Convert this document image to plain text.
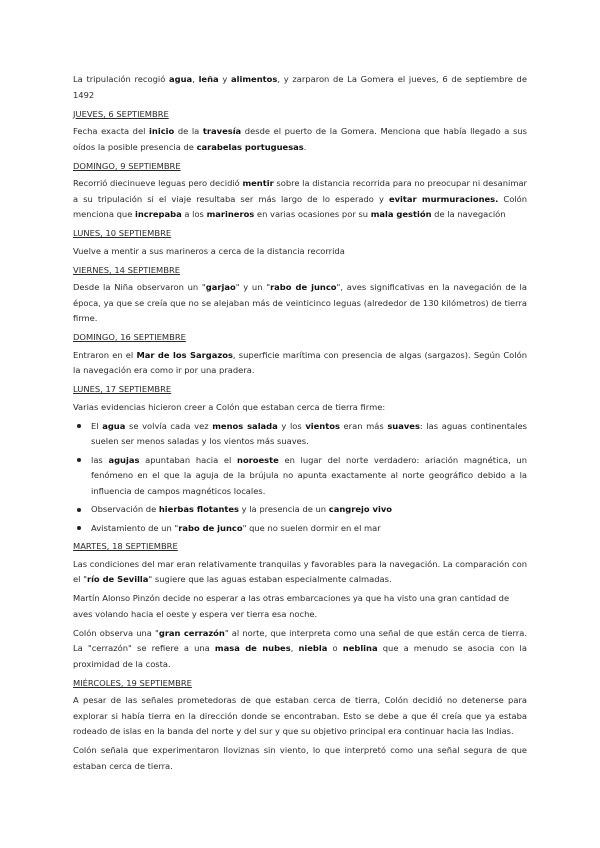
La tripulación recogió agua, leña y alimentos, y zarparon de La Gomera el jueves, 6 de septiembre de 1492

JUEVES, 6 SEPTIEMBRE

Fecha exacta del inicio de la travesía desde el puerto de la Gomera. Menciona que había llegado a sus oídos la posible presencia de carabelas portuguesas.

DOMINGO, 9 SEPTIEMBRE

Recorrió diecinueve leguas pero decidió mentir sobre la distancia recorrida para no preocupar ni desanimar a su tripulación si el viaje resultaba ser más largo de lo esperado y evitar murmuraciones. Colón menciona que increpaba a los marineros en varias ocasiones por su mala gestión de la navegación

LUNES, 10 SEPTIEMBRE

Vuelve a mentir a sus marineros a cerca de la distancia recorrida

VIERNES, 14 SEPTIEMBRE

Desde la Niña observaron un "garjao" y un "rabo de junco", aves significativas en la navegación de la época, ya que se creía que no se alejaban más de veinticinco leguas (alrededor de 130 kilómetros) de tierra firme.

DOMINGO, 16 SEPTIEMBRE

Entraron en el Mar de los Sargazos, superficie marítima con presencia de algas (sargazos). Según Colón la navegación era como ir por una pradera.

LUNES, 17 SEPTIEMBRE

Varias evidencias hicieron creer a Colón que estaban cerca de tierra firme:

El agua se volvía cada vez menos salada y los vientos eran más suaves: las aguas continentales suelen ser menos saladas y los vientos más suaves.
las agujas apuntaban hacia el noroeste en lugar del norte verdadero: ariación magnética, un fenómeno en el que la aguja de la brújula no apunta exactamente al norte geográfico debido a la influencia de campos magnéticos locales.
Observación de hierbas flotantes y la presencia de un cangrejo vivo
Avistamiento de un "rabo de junco" que no suelen dormir en el mar
MARTES, 18 SEPTIEMBRE

Las condiciones del mar eran relativamente tranquilas y favorables para la navegación. La comparación con el "río de Sevilla" sugiere que las aguas estaban especialmente calmadas.

Martín Alonso Pinzón decide no esperar a las otras embarcaciones ya que ha visto una gran cantidad de aves volando hacia el oeste y espera ver tierra esa noche.

Colón observa una "gran cerrazón" al norte, que interpreta como una señal de que están cerca de tierra. La "cerrazón" se refiere a una masa de nubes, niebla o neblina que a menudo se asocia con la proximidad de la costa.

MIÉRCOLES, 19 SEPTIEMBRE

A pesar de las señales prometedoras de que estaban cerca de tierra, Colón decidió no detenerse para explorar si había tierra en la dirección donde se encontraban. Esto se debe a que él creía que ya estaba rodeado de islas en la banda del norte y del sur y que su objetivo principal era continuar hacia las Indias.

Colón señala que experimentaron lloviznas sin viento, lo que interpretó como una señal segura de que estaban cerca de tierra.
